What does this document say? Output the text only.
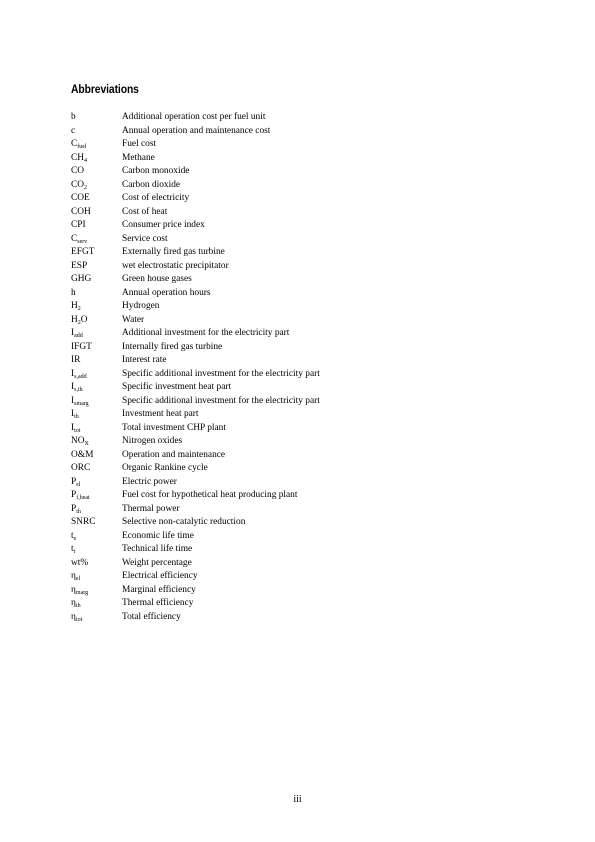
Abbreviations
b	Additional operation cost per fuel unit
c	Annual operation and maintenance cost
$C_{fuel}$	Fuel cost
$CH_4$	Methane
CO	Carbon monoxide
$CO_2$	Carbon dioxide
COE	Cost of electricity
COH	Cost of heat
CPI	Consumer price index
$C_{serv}$	Service cost
EFGT	Externally fired gas turbine
ESP	wet electrostatic precipitator
GHG	Green house gases
h	Annual operation hours
$H_2$	Hydrogen
$H_2O$	Water
$I_{add}$	Additional investment for the electricity part
IFGT	Internally fired gas turbine
IR	Interest rate
$I_{s,add}$	Specific additional investment for the electricity part
$I_{s,th}$	Specific investment heat part
$I_{smarg}$	Specific additional investment for the electricity part
$I_{th}$	Investment heat part
$I_{tot}$	Total investment CHP plant
$NO_X$	Nitrogen oxides
O&M	Operation and maintenance
ORC	Organic Rankine cycle
$P_{el}$	Electric power
$P_{f,heat}$	Fuel cost for hypothetical heat producing plant
$P_{th}$	Thermal power
SNRC	Selective non-catalytic reduction
$t_e$	Economic life time
$t_t$	Technical life time
wt%	Weight percentage
$\eta_{el}$	Electrical efficiency
$\eta_{marg}$	Marginal efficiency
$\eta_{th}$	Thermal efficiency
$\eta_{tot}$	Total efficiency
iii
